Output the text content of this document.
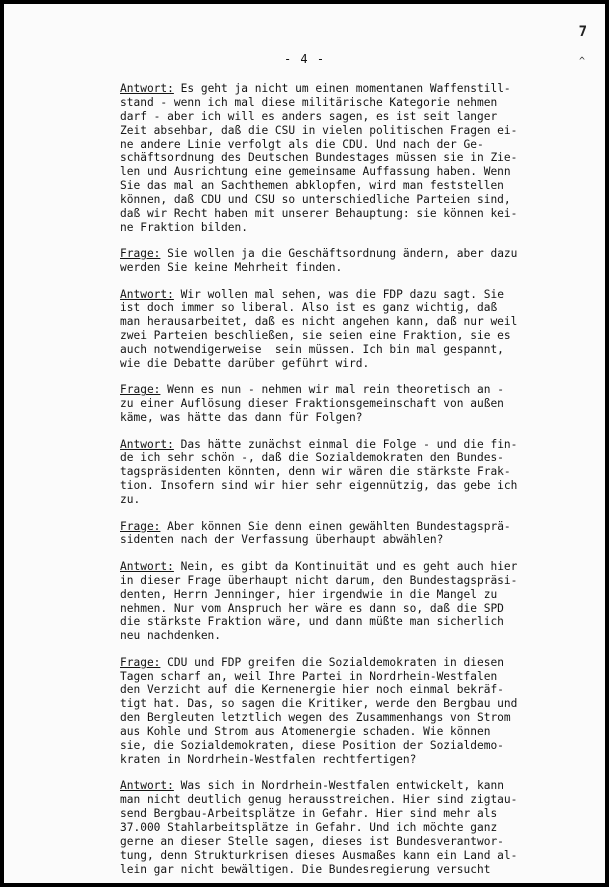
7
^
- 4 -
Antwort: Es geht ja nicht um einen momentanen Waffenstill-
stand - wenn ich mal diese militärische Kategorie nehmen
darf - aber ich will es anders sagen, es ist seit langer
Zeit absehbar, daß die CSU in vielen politischen Fragen ei-
ne andere Linie verfolgt als die CDU. Und nach der Ge-
schäftsordnung des Deutschen Bundestages müssen sie in Zie-
len und Ausrichtung eine gemeinsame Auffassung haben. Wenn
Sie das mal an Sachthemen abklopfen, wird man feststellen
können, daß CDU und CSU so unterschiedliche Parteien sind,
daß wir Recht haben mit unserer Behauptung: sie können kei-
ne Fraktion bilden.
Frage: Sie wollen ja die Geschäftsordnung ändern, aber dazu
werden Sie keine Mehrheit finden.
Antwort: Wir wollen mal sehen, was die FDP dazu sagt. Sie
ist doch immer so liberal. Also ist es ganz wichtig, daß
man herausarbeitet, daß es nicht angehen kann, daß nur weil
zwei Parteien beschließen, sie seien eine Fraktion, sie es
auch notwendigerweise  sein müssen. Ich bin mal gespannt,
wie die Debatte darüber geführt wird.
Frage: Wenn es nun - nehmen wir mal rein theoretisch an -
zu einer Auflösung dieser Fraktionsgemeinschaft von außen
käme, was hätte das dann für Folgen?
Antwort: Das hätte zunächst einmal die Folge - und die fin-
de ich sehr schön -, daß die Sozialdemokraten den Bundes-
tagspräsidenten könnten, denn wir wären die stärkste Frak-
tion. Insofern sind wir hier sehr eigennützig, das gebe ich
zu.
Frage: Aber können Sie denn einen gewählten Bundestagsprä-
sidenten nach der Verfassung überhaupt abwählen?
Antwort: Nein, es gibt da Kontinuität und es geht auch hier
in dieser Frage überhaupt nicht darum, den Bundestagspräsi-
denten, Herrn Jenninger, hier irgendwie in die Mangel zu
nehmen. Nur vom Anspruch her wäre es dann so, daß die SPD
die stärkste Fraktion wäre, und dann müßte man sicherlich
neu nachdenken.
Frage: CDU und FDP greifen die Sozialdemokraten in diesen
Tagen scharf an, weil Ihre Partei in Nordrhein-Westfalen
den Verzicht auf die Kernenergie hier noch einmal bekräf-
tigt hat. Das, so sagen die Kritiker, werde den Bergbau und
den Bergleuten letztlich wegen des Zusammenhangs von Strom
aus Kohle und Strom aus Atomenergie schaden. Wie können
sie, die Sozialdemokraten, diese Position der Sozialdemo-
kraten in Nordrhein-Westfalen rechtfertigen?
Antwort: Was sich in Nordrhein-Westfalen entwickelt, kann
man nicht deutlich genug herausstreichen. Hier sind zigtau-
send Bergbau-Arbeitsplätze in Gefahr. Hier sind mehr als
37.000 Stahlarbeitsplätze in Gefahr. Und ich möchte ganz
gerne an dieser Stelle sagen, dieses ist Bundesverantwor-
tung, denn Strukturkrisen dieses Ausmaßes kann ein Land al-
lein gar nicht bewältigen. Die Bundesregierung versucht
